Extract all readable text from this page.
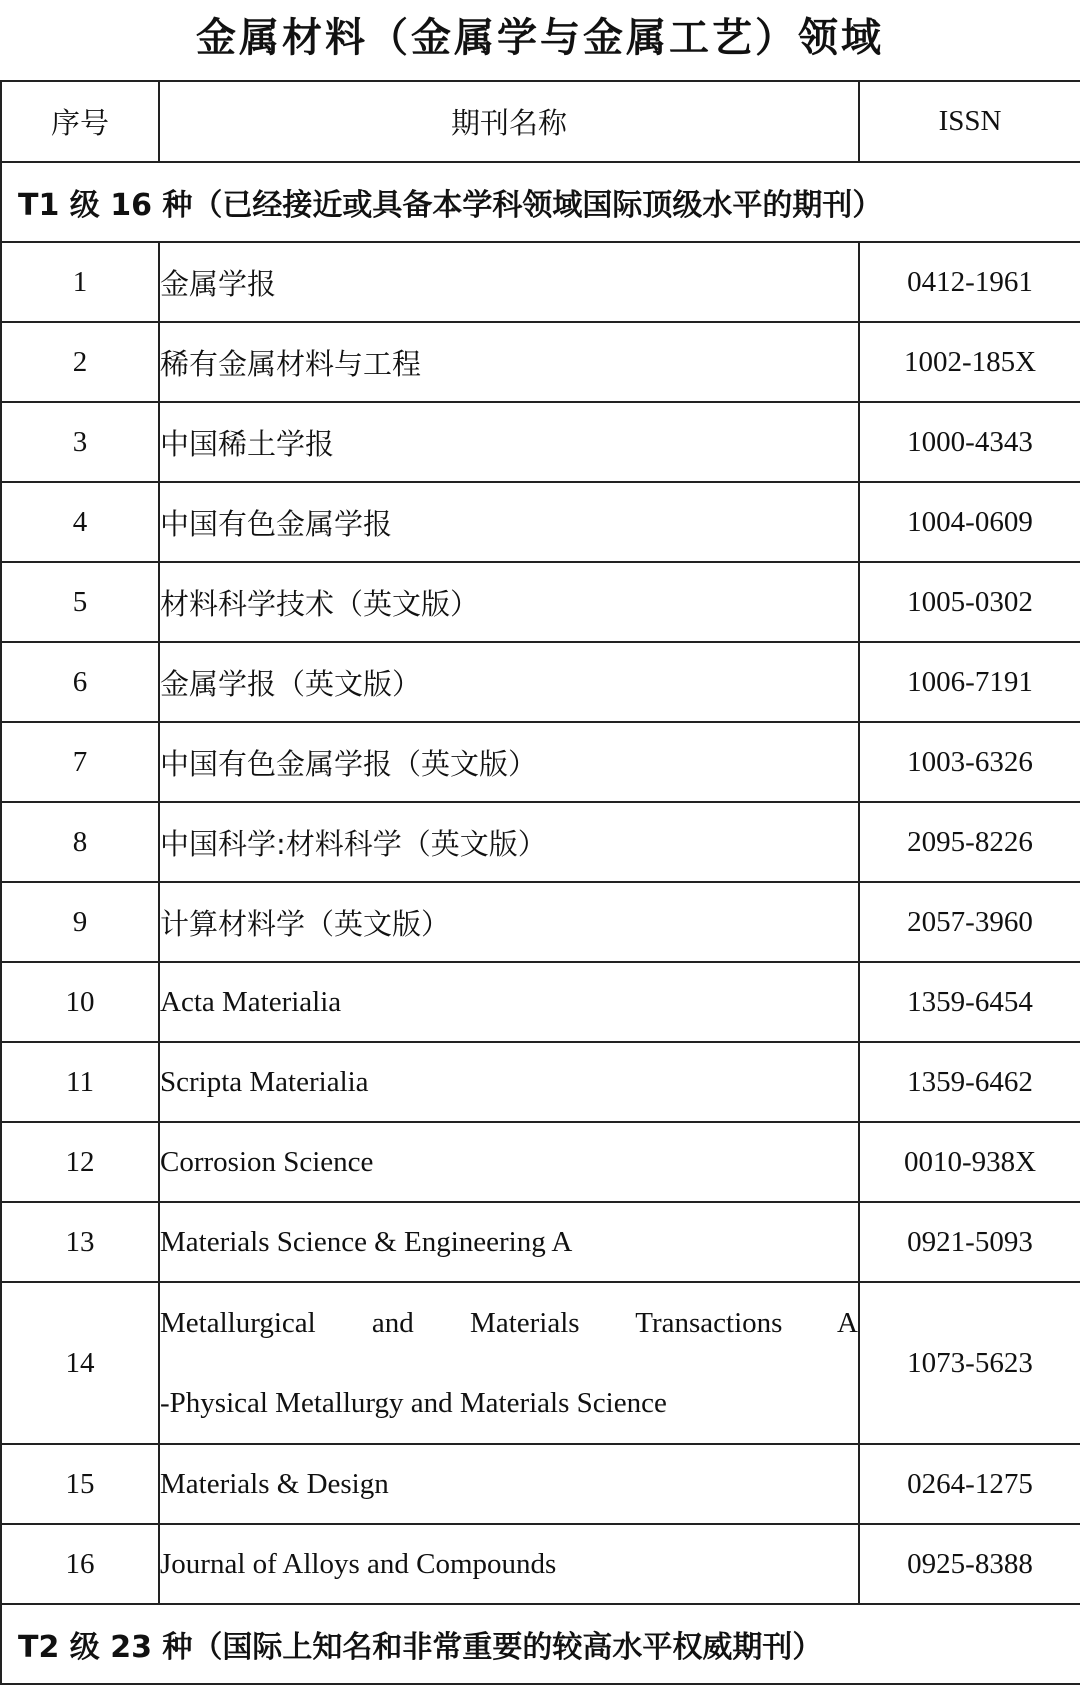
金属材料（金属学与金属工艺）领域
序号	期刊名称	ISSN
T1 级 16 种（已经接近或具备本学科领域国际顶级水平的期刊）		
1	金属学报	0412-1961
2	稀有金属材料与工程	1002-185X
3	中国稀土学报	1000-4343
4	中国有色金属学报	1004-0609
5	材料科学技术（英文版）	1005-0302
6	金属学报（英文版）	1006-7191
7	中国有色金属学报（英文版）	1003-6326
8	中国科学:材料科学（英文版）	2095-8226
9	计算材料学（英文版）	2057-3960
10	Acta Materialia	1359-6454
11	Scripta Materialia	1359-6462
12	Corrosion Science	0010-938X
13	Materials Science & Engineering A	0921-5093
14	Metallurgical and Materials Transactions A
-Physical Metallurgy and Materials Science	1073-5623
15	Materials & Design	0264-1275
16	Journal of Alloys and Compounds	0925-8388
T2 级 23 种（国际上知名和非常重要的较高水平权威期刊）		
